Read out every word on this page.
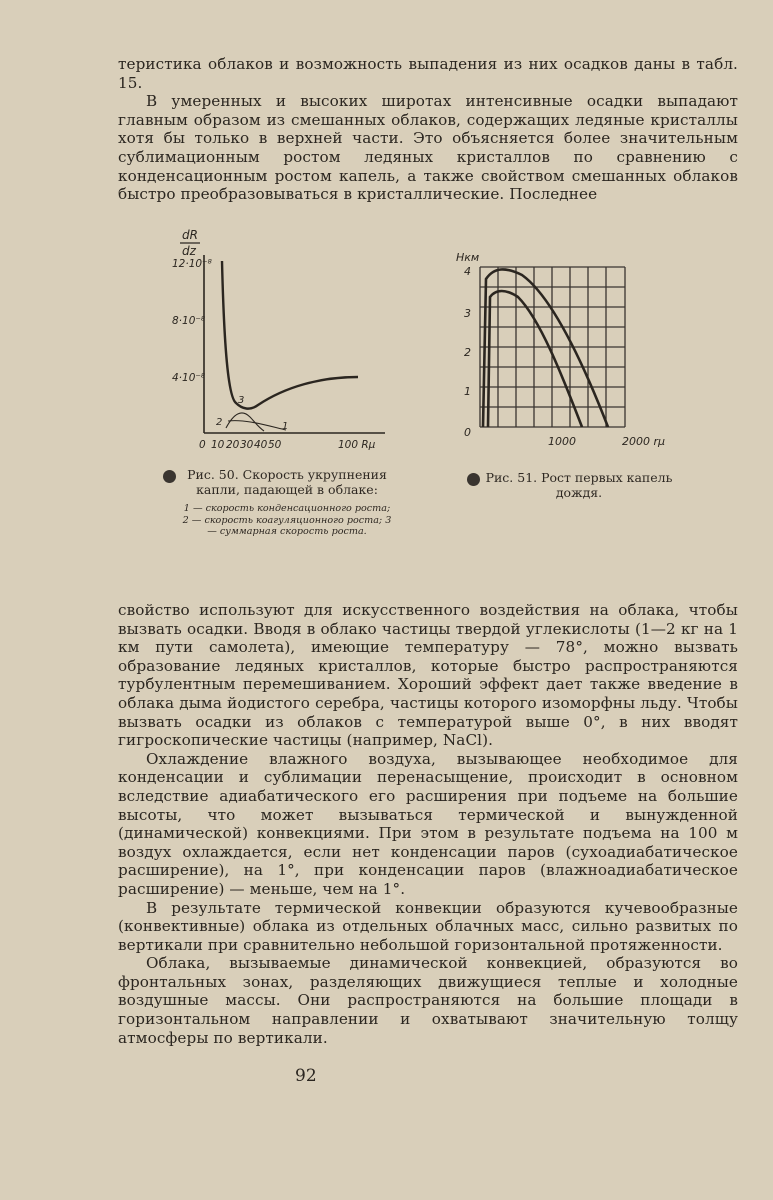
теристика облаков и возможность выпадения из них осадков даны в табл. 15.

В умеренных и высоких широтах интенсивные осадки выпадают главным образом из смешанных облаков, содержащих ледяные кристаллы хотя бы только в верхней части. Это объясняется более значительным сублимационным ростом ледяных кристаллов по сравнению с конденсационным ростом капель, а также свойством смешанных облаков быстро преобразовываться в кристаллические. Последнее

dR
dz
12·10⁻⁸
8·10⁻⁸
4·10⁻⁸
3
2	1
0 10 20 30 40 50	100 Rμ
Рис. 50. Скорость укрупнения капли, падающей в облаке:
1 — скорость конденсационного роста; 2 — скорость коагуляционного роста; 3 — суммарная скорость роста.
Hкм
4
3
2
1
0
1000	2000 rμ
Рис. 51. Рост первых капель дождя.

свойство используют для искусственного воздействия на облака, чтобы вызвать осадки. Вводя в облако частицы твердой углекислоты (1—2 кг на 1 км пути самолета), имеющие температуру — 78°, можно вызвать образование ледяных кристаллов, которые быстро распространяются турбулентным перемешиванием. Хороший эффект дает также введение в облака дыма йодистого серебра, частицы которого изоморфны льду. Чтобы вызвать осадки из облаков с температурой выше 0°, в них вводят гигроскопические частицы (например, NaCl).

Охлаждение влажного воздуха, вызывающее необходимое для конденсации и сублимации перенасыщение, происходит в основном вследствие адиабатического его расширения при подъеме на большие высоты, что может вызываться термической и вынужденной (динамической) конвекциями. При этом в результате подъема на 100 м воздух охлаждается, если нет конденсации паров (сухоадиабатическое расширение), на 1°, при конденсации паров (влажноадиабатическое расширение) — меньше, чем на 1°.

В результате термической конвекции образуются кучевообразные (конвективные) облака из отдельных облачных масс, сильно развитых по вертикали при сравнительно небольшой горизонтальной протяженности.

Облака, вызываемые динамической конвекцией, образуются во фронтальных зонах, разделяющих движущиеся теплые и холодные воздушные массы. Они распространяются на большие площади в горизонтальном направлении и охватывают значительную толщу атмосферы по вертикали.

92
